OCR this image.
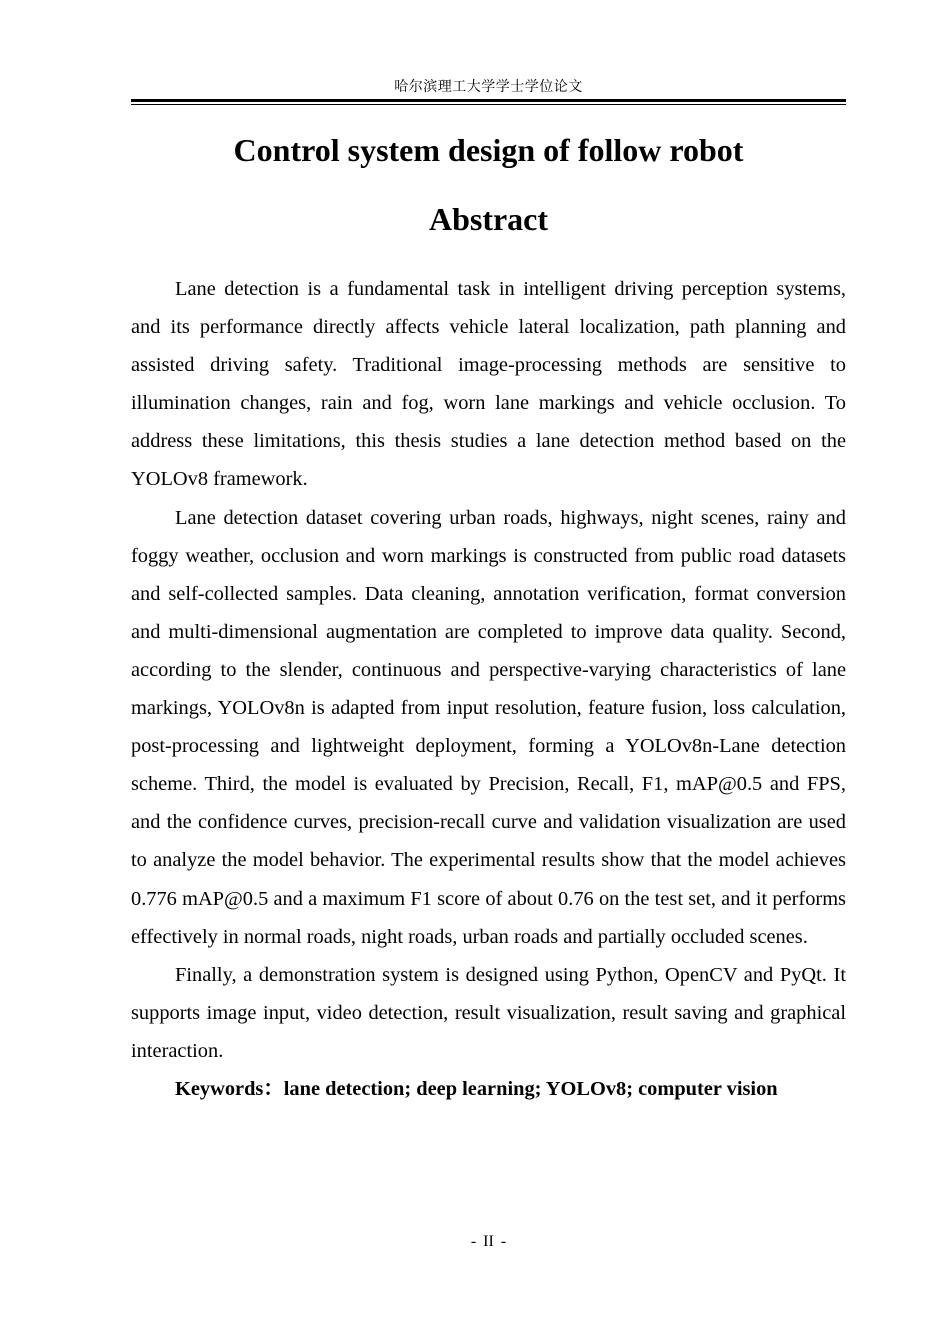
哈尔滨理工大学学士学位论文
Control system design of follow robot
Abstract

Lane detection is a fundamental task in intelligent driving perception systems, and its performance directly affects vehicle lateral localization, path planning and assisted driving safety. Traditional image-processing methods are sensitive to illumination changes, rain and fog, worn lane markings and vehicle occlusion. To address these limitations, this thesis studies a lane detection method based on the YOLOv8 framework.

Lane detection dataset covering urban roads, highways, night scenes, rainy and foggy weather, occlusion and worn markings is constructed from public road datasets and self-collected samples. Data cleaning, annotation verification, format conversion and multi-dimensional augmentation are completed to improve data quality. Second, according to the slender, continuous and perspective-varying characteristics of lane markings, YOLOv8n is adapted from input resolution, feature fusion, loss calculation, post-processing and lightweight deployment, forming a YOLOv8n-Lane detection scheme. Third, the model is evaluated by Precision, Recall, F1, mAP@0.5 and FPS, and the confidence curves, precision-recall curve and validation visualization are used to analyze the model behavior. The experimental results show that the model achieves 0.776 mAP@0.5 and a maximum F1 score of about 0.76 on the test set, and it performs effectively in normal roads, night roads, urban roads and partially occluded scenes.

Finally, a demonstration system is designed using Python, OpenCV and PyQt. It supports image input, video detection, result visualization, result saving and graphical interaction.

Keywords：lane detection; deep learning; YOLOv8; computer vision

- II -
